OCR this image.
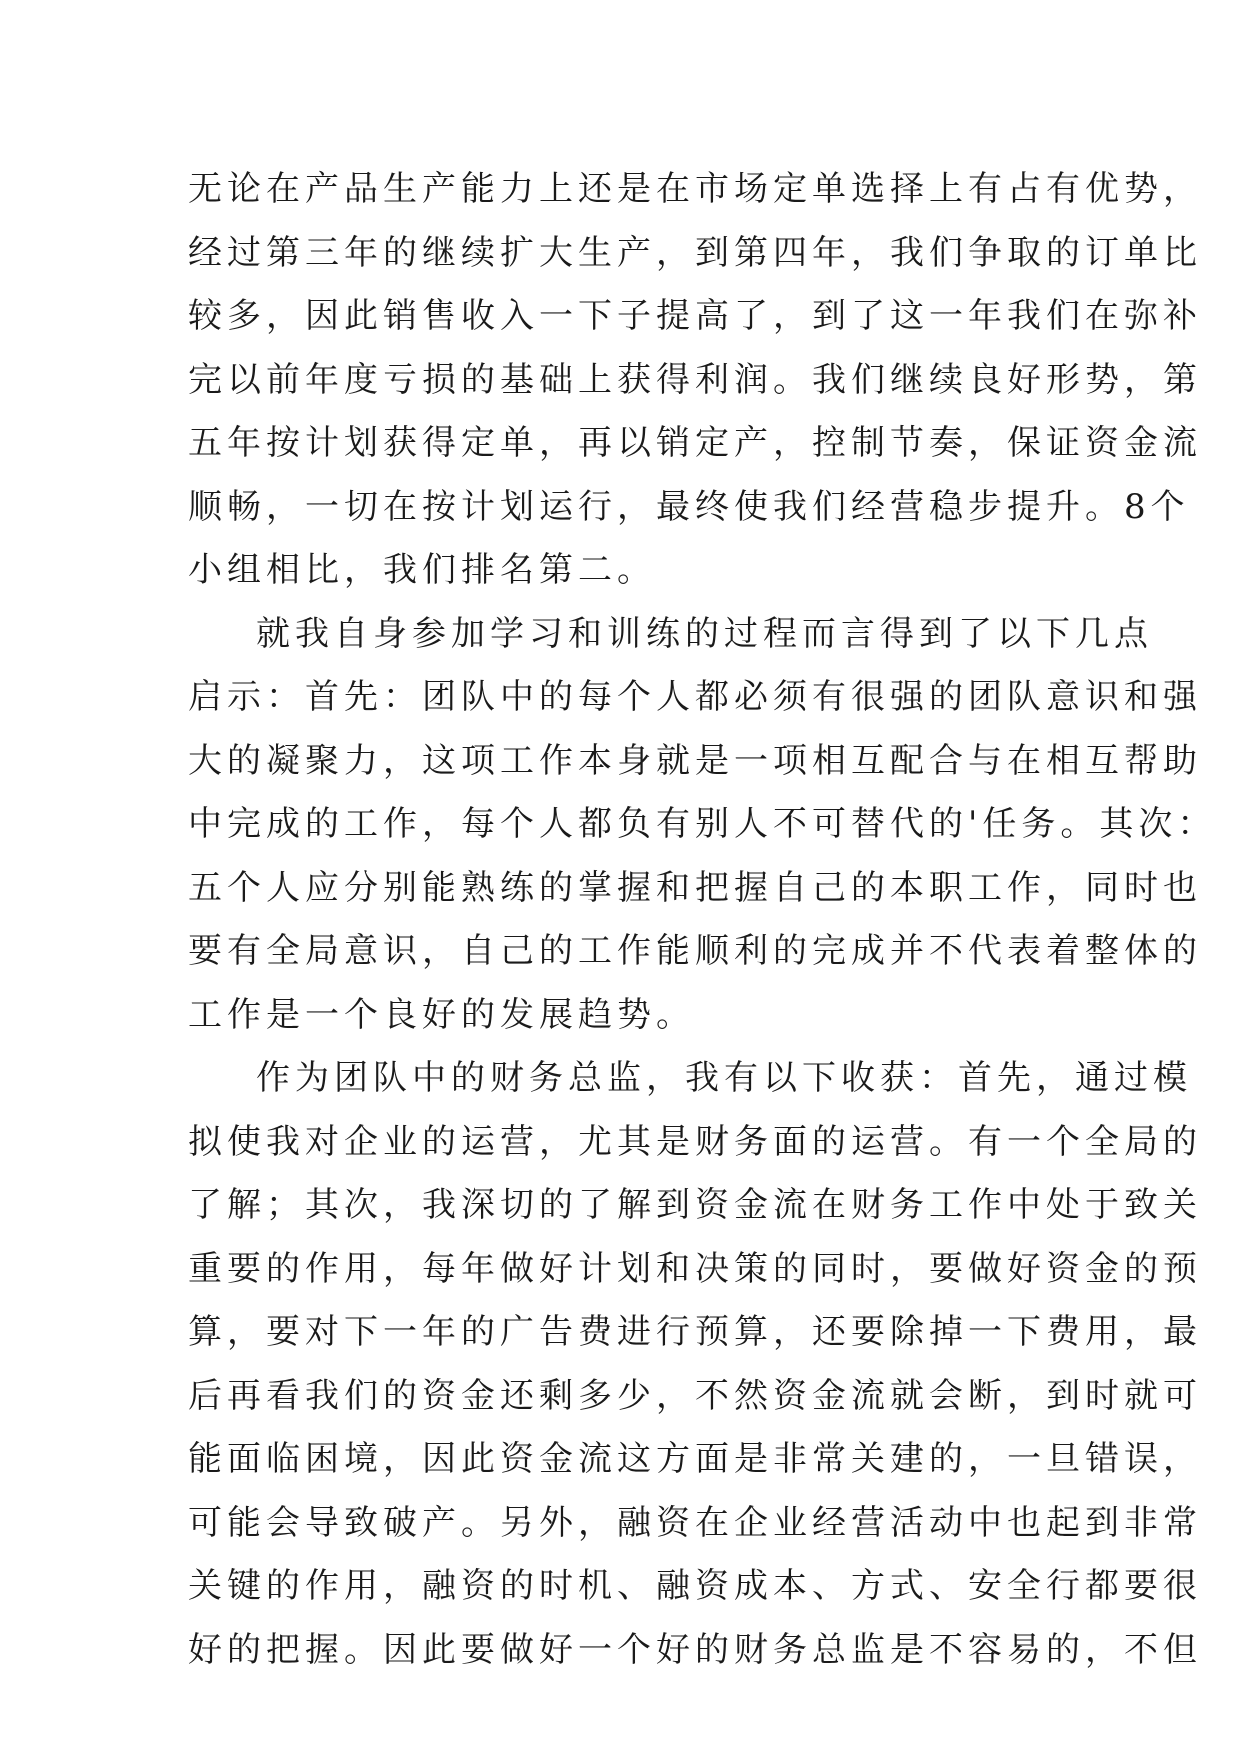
无论在产品生产能力上还是在市场定单选择上有占有优势，
经过第三年的继续扩大生产，到第四年，我们争取的订单比
较多，因此销售收入一下子提高了，到了这一年我们在弥补
完以前年度亏损的基础上获得利润。我们继续良好形势，第
五年按计划获得定单，再以销定产，控制节奏，保证资金流
顺畅，一切在按计划运行，最终使我们经营稳步提升。8个
小组相比，我们排名第二。
就我自身参加学习和训练的过程而言得到了以下几点
启示：首先：团队中的每个人都必须有很强的团队意识和强
大的凝聚力，这项工作本身就是一项相互配合与在相互帮助
中完成的工作，每个人都负有别人不可替代的'任务。其次：
五个人应分别能熟练的掌握和把握自己的本职工作，同时也
要有全局意识，自己的工作能顺利的完成并不代表着整体的
工作是一个良好的发展趋势。
作为团队中的财务总监，我有以下收获：首先，通过模
拟使我对企业的运营，尤其是财务面的运营。有一个全局的
了解；其次，我深切的了解到资金流在财务工作中处于致关
重要的作用，每年做好计划和决策的同时，要做好资金的预
算，要对下一年的广告费进行预算，还要除掉一下费用，最
后再看我们的资金还剩多少，不然资金流就会断，到时就可
能面临困境，因此资金流这方面是非常关建的，一旦错误，
可能会导致破产。另外，融资在企业经营活动中也起到非常
关键的作用，融资的时机、融资成本、方式、安全行都要很
好的把握。因此要做好一个好的财务总监是不容易的，不但
